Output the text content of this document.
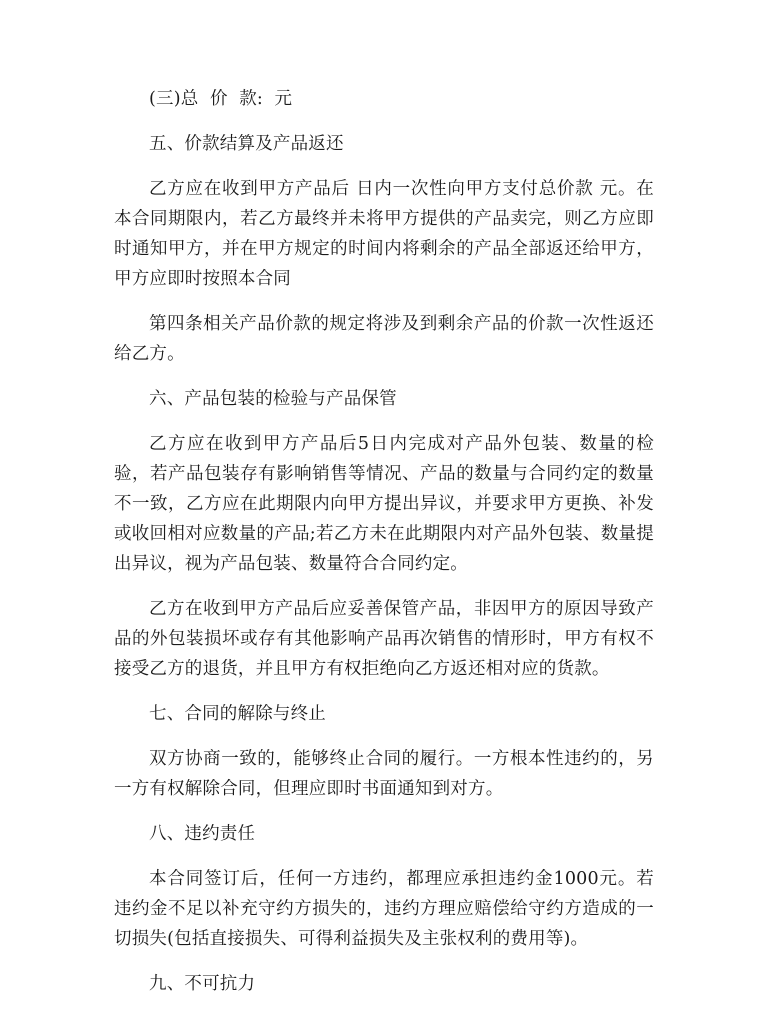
(三)总  价  款:  元

五、价款结算及产品返还

乙方应在收到甲方产品后 日内一次性向甲方支付总价款 元。在本合同期限内，若乙方最终并未将甲方提供的产品卖完，则乙方应即时通知甲方，并在甲方规定的时间内将剩余的产品全部返还给甲方，甲方应即时按照本合同

第四条相关产品价款的规定将涉及到剩余产品的价款一次性返还给乙方。

六、产品包装的检验与产品保管

乙方应在收到甲方产品后5日内完成对产品外包装、数量的检验，若产品包装存有影响销售等情况、产品的数量与合同约定的数量不一致，乙方应在此期限内向甲方提出异议，并要求甲方更换、补发或收回相对应数量的产品;若乙方未在此期限内对产品外包装、数量提出异议，视为产品包装、数量符合合同约定。

乙方在收到甲方产品后应妥善保管产品，非因甲方的原因导致产品的外包装损坏或存有其他影响产品再次销售的情形时，甲方有权不接受乙方的退货，并且甲方有权拒绝向乙方返还相对应的货款。

七、合同的解除与终止

双方协商一致的，能够终止合同的履行。一方根本性违约的，另一方有权解除合同，但理应即时书面通知到对方。

八、违约责任

本合同签订后，任何一方违约，都理应承担违约金1000元。若违约金不足以补充守约方损失的，违约方理应赔偿给守约方造成的一切损失(包括直接损失、可得利益损失及主张权利的费用等)。

九、不可抗力
